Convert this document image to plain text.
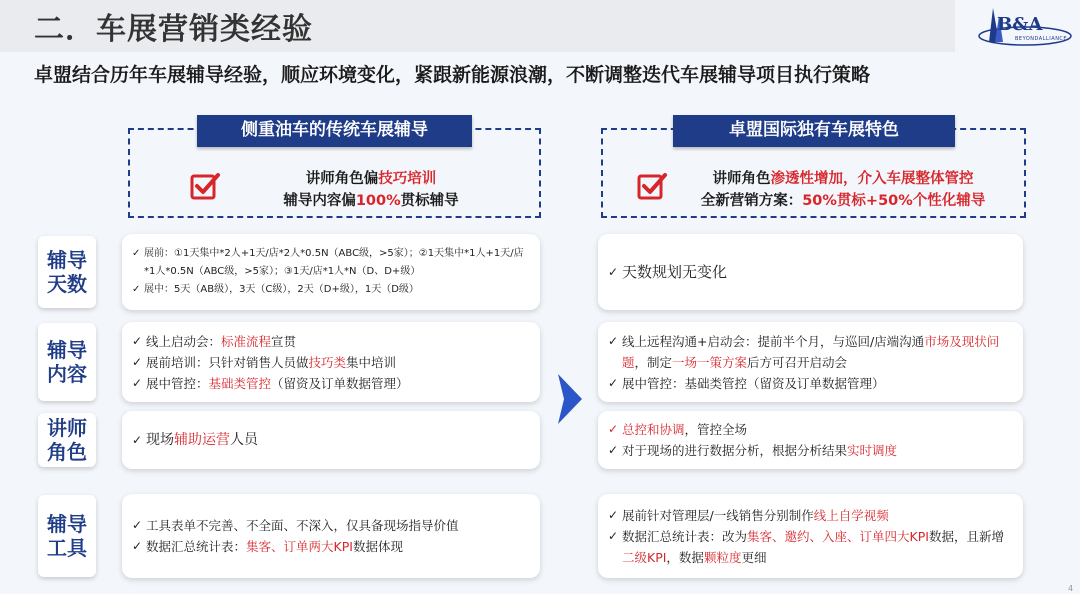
二．车展营销类经验	B&A
BEYONDALLIANCE
卓盟结合历年车展辅导经验，顺应环境变化，紧跟新能源浪潮，不断调整迭代车展辅导项目执行策略
侧重油车的传统车展辅导
讲师角色偏技巧培训
辅导内容偏100%贯标辅导
卓盟国际独有车展特色
讲师角色渗透性增加，介入车展整体管控
全新营销方案：50%贯标+50%个性化辅导
辅导
天数
✓ 展前：①1天集中*2人+1天/店*2人*0.5N（ABC级，>5家）；②1天集中*1人+1天/店*1人*0.5N（ABC级，>5家）；③1天/店*1人*N（D、D+级）
✓ 展中：5天（AB级），3天（C级），2天（D+级），1天（D级）
✓ 天数规划无变化
辅导
内容
✓ 线上启动会：标准流程宣贯
✓ 展前培训：只针对销售人员做技巧类集中培训
✓ 展中管控：基础类管控（留资及订单数据管理）
✓ 线上远程沟通+启动会：提前半个月，与巡回/店端沟通市场及现状问题，制定一场一策方案后方可召开启动会
✓ 展中管控：基础类管控（留资及订单数据管理）
讲师
角色
✓ 现场辅助运营人员
✓ 总控和协调，管控全场
✓ 对于现场的进行数据分析，根据分析结果实时调度
辅导
工具
✓ 工具表单不完善、不全面、不深入，仅具备现场指导价值
✓ 数据汇总统计表：集客、订单两大KPI数据体现
✓ 展前针对管理层/一线销售分别制作线上自学视频
✓ 数据汇总统计表：改为集客、邀约、入座、订单四大KPI数据，且新增二级KPI，数据颗粒度更细
4
